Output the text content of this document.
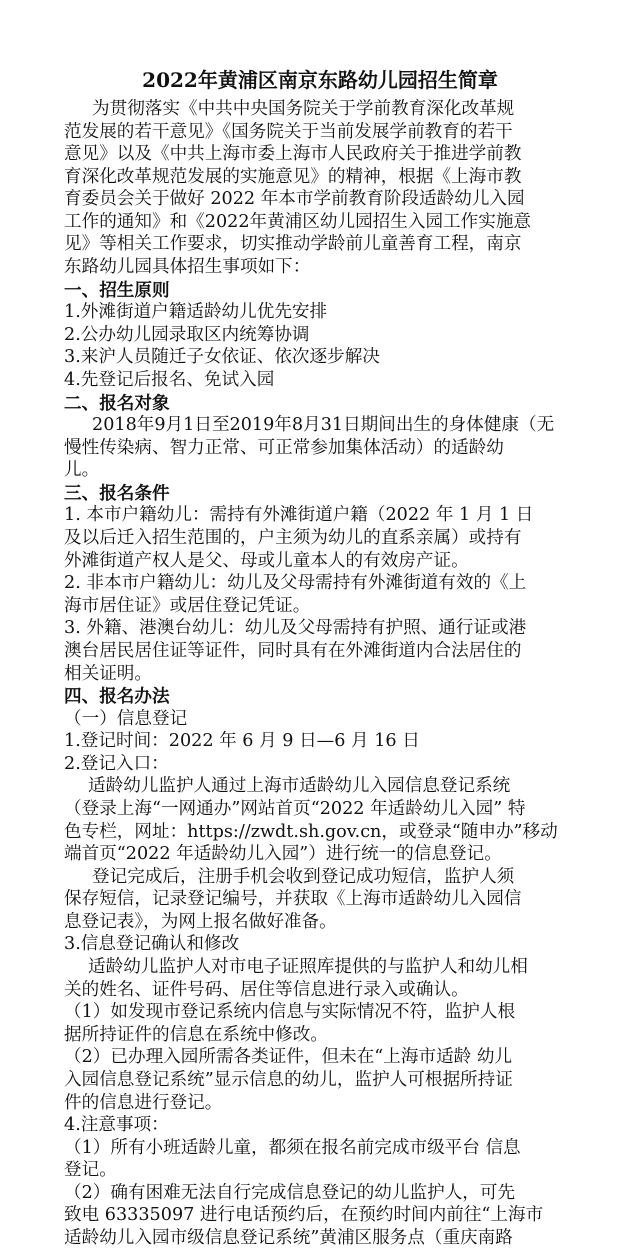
2022年黄浦区南京东路幼儿园招生简章
为贯彻落实《中共中央国务院关于学前教育深化改革规
范发展的若干意见》《国务院关于当前发展学前教育的若干
意见》以及《中共上海市委上海市人民政府关于推进学前教
育深化改革规范发展的实施意见》的精神，根据《上海市教
育委员会关于做好 2022 年本市学前教育阶段适龄幼儿入园
工作的通知》和《2022年黄浦区幼儿园招生入园工作实施意
见》等相关工作要求，切实推动学龄前儿童善育工程，南京
东路幼儿园具体招生事项如下：
一、招生原则
1.外滩街道户籍适龄幼儿优先安排
2.公办幼儿园录取区内统筹协调
3.来沪人员随迁子女依证、依次逐步解决
4.先登记后报名、免试入园
二、报名对象
2018年9月1日至2019年8月31日期间出生的身体健康（无
慢性传染病、智力正常、可正常参加集体活动）的适龄幼
儿。
三、报名条件
1. 本市户籍幼儿：需持有外滩街道户籍（2022 年 1 月 1 日
及以后迁入招生范围的，户主须为幼儿的直系亲属）或持有
外滩街道产权人是父、母或儿童本人的有效房产证。
2. 非本市户籍幼儿：幼儿及父母需持有外滩街道有效的《上
海市居住证》或居住登记凭证。
3. 外籍、港澳台幼儿：幼儿及父母需持有护照、通行证或港
澳台居民居住证等证件，同时具有在外滩街道内合法居住的
相关证明。
四、报名办法
（一）信息登记
1.登记时间：2022 年 6 月 9 日—6 月 16 日
2.登记入口：
适龄幼儿监护人通过上海市适龄幼儿入园信息登记系统
（登录上海“一网通办”网站首页“2022 年适龄幼儿入园” 特
色专栏，网址：https://zwdt.sh.gov.cn，或登录“随申办”移动
端首页“2022 年适龄幼儿入园”）进行统一的信息登记。
登记完成后，注册手机会收到登记成功短信，监护人须
保存短信，记录登记编号，并获取《上海市适龄幼儿入园信
息登记表》，为网上报名做好准备。
3.信息登记确认和修改
适龄幼儿监护人对市电子证照库提供的与监护人和幼儿相
关的姓名、证件号码、居住等信息进行录入或确认。
（1）如发现市登记系统内信息与实际情况不符，监护人根
据所持证件的信息在系统中修改。
（2）已办理入园所需各类证件，但未在“上海市适龄 幼儿
入园信息登记系统”显示信息的幼儿，监护人可根据所持证
件的信息进行登记。
4.注意事项：
（1）所有小班适龄儿童，都须在报名前完成市级平台 信息
登记。
（2）确有困难无法自行完成信息登记的幼儿监护人，可先
致电 63335097 进行电话预约后，在预约时间内前往“上海市
适龄幼儿入园市级信息登记系统”黄浦区服务点（重庆南路
